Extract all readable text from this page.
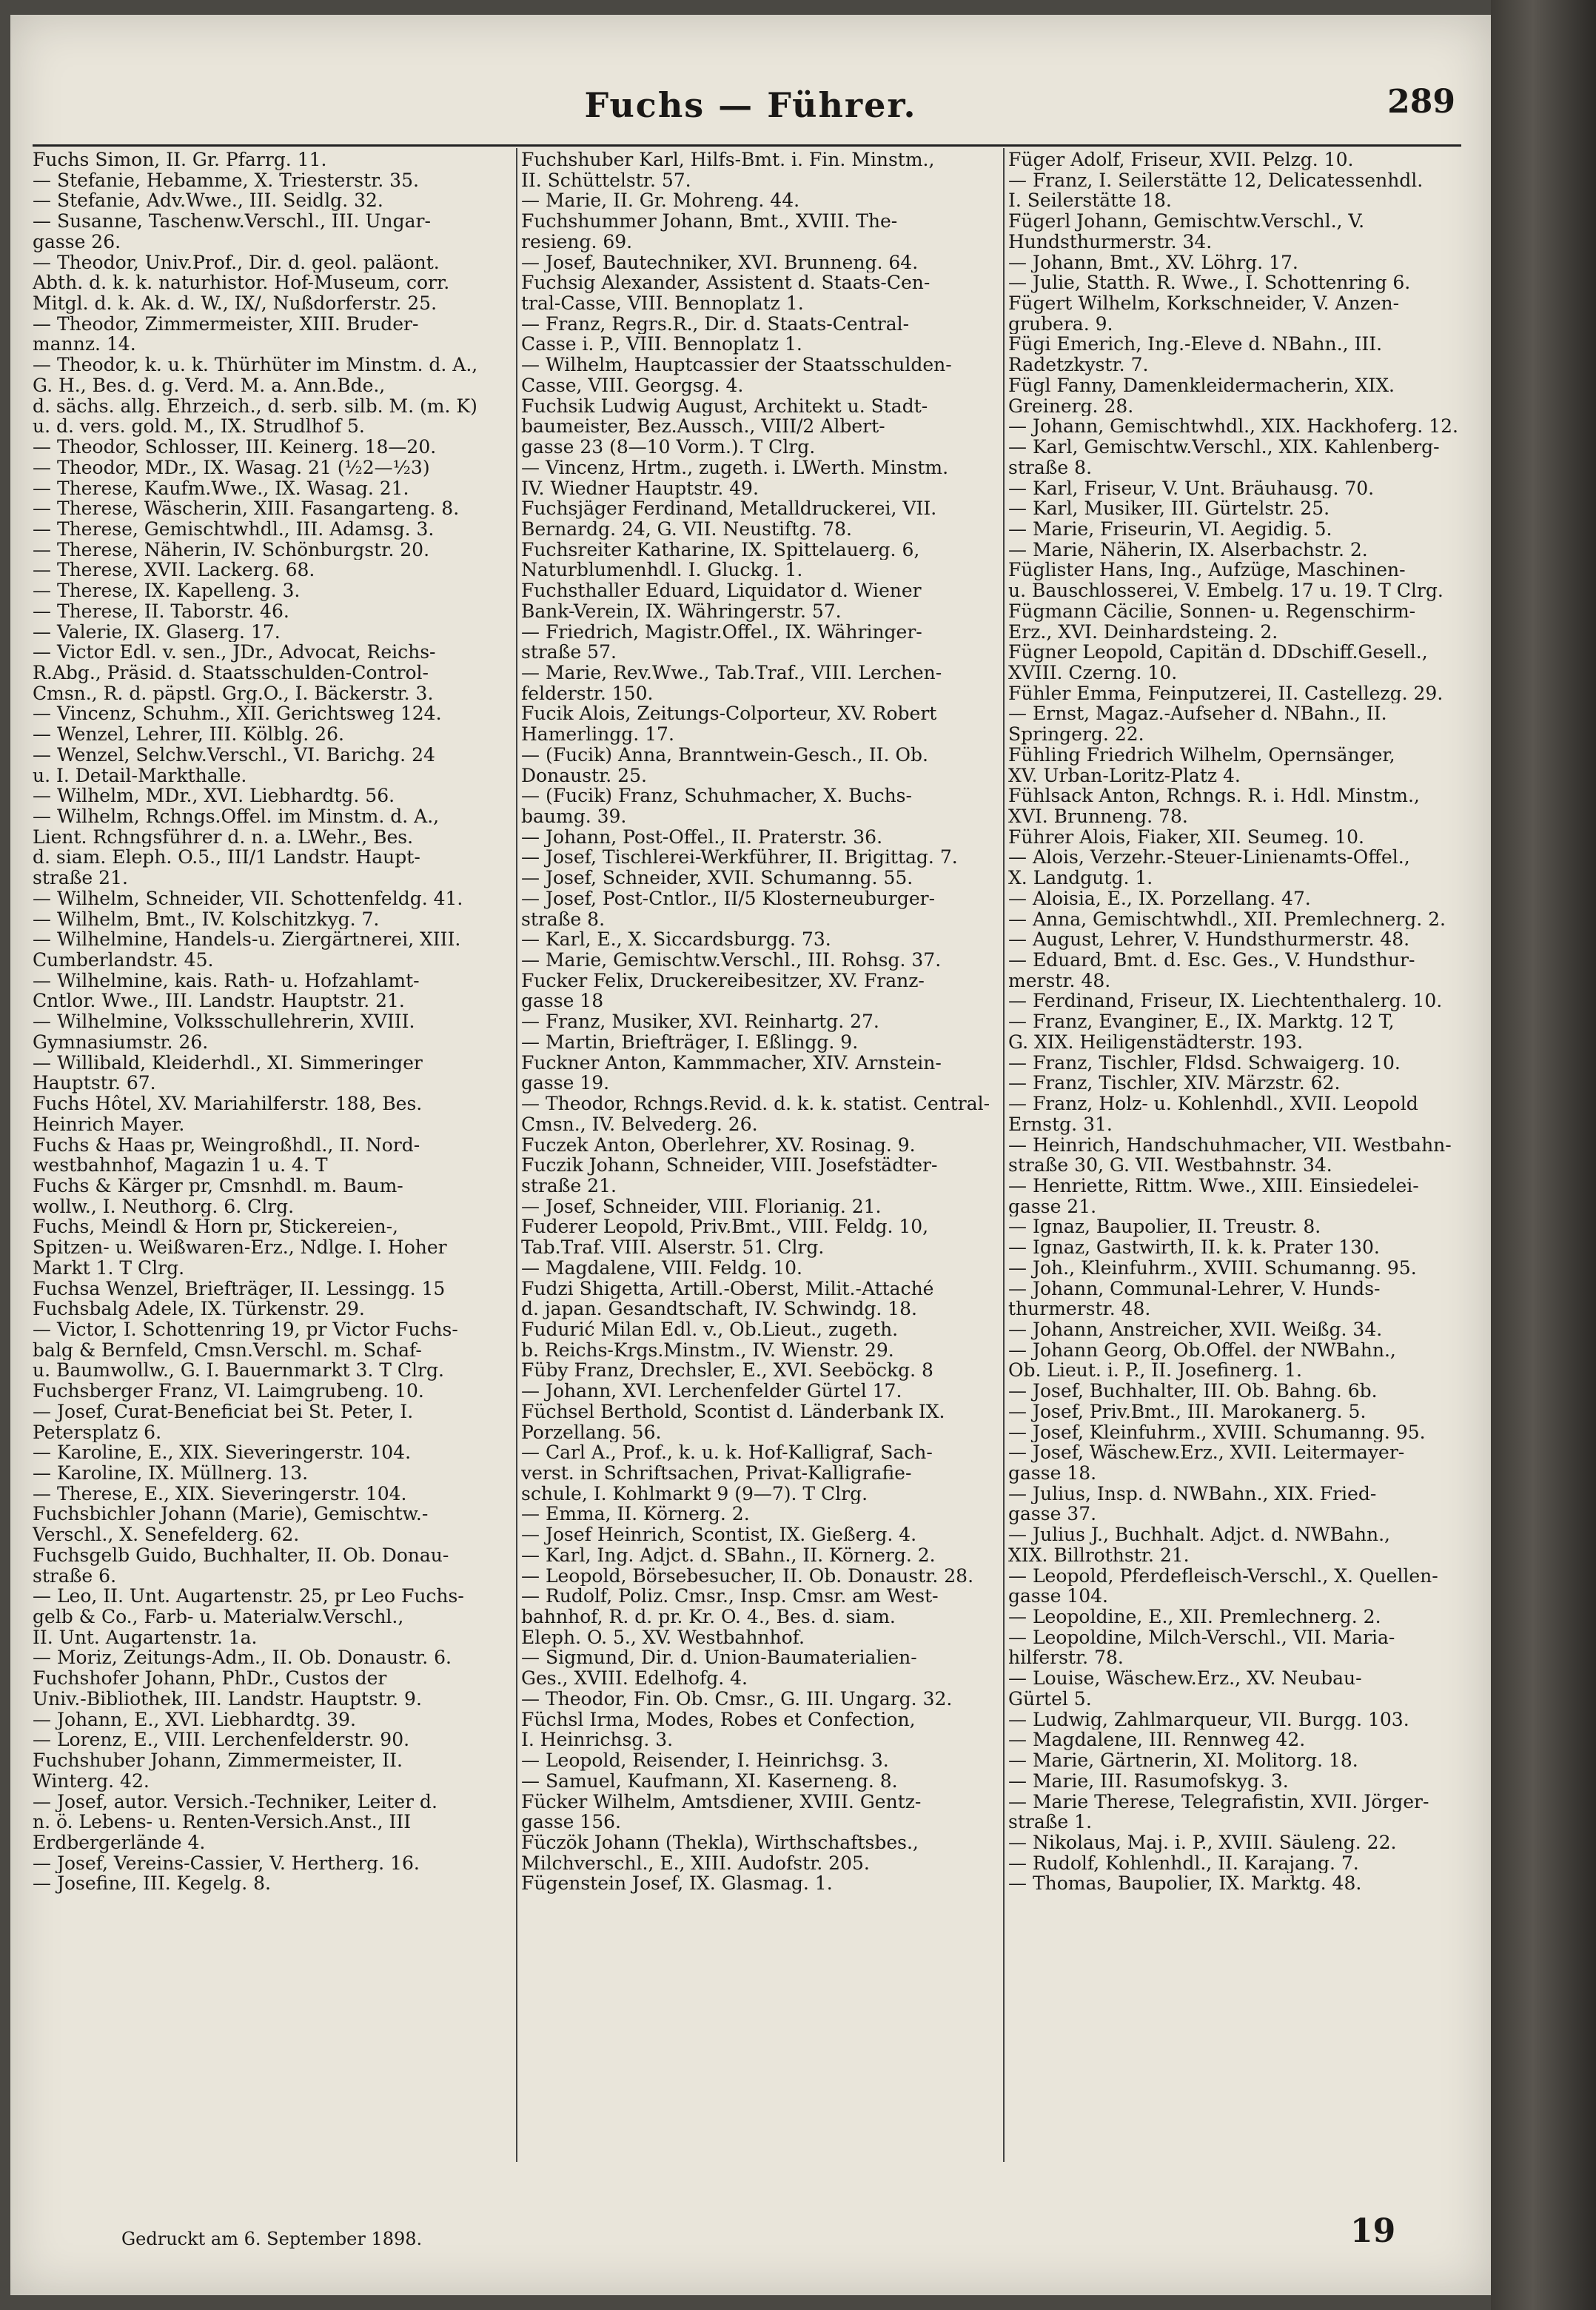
Fuchs — Führer.	289
Fuchs Simon, II. Gr. Pfarrg. 11.
— Stefanie, Hebamme, X. Triesterstr. 35.
— Stefanie, Adv.Wwe., III. Seidlg. 32.
— Susanne, Taschenw.Verschl., III. Ungar-
gasse 26.
— Theodor, Univ.Prof., Dir. d. geol. paläont.
Abth. d. k. k. naturhistor. Hof-Museum, corr.
Mitgl. d. k. Ak. d. W., IX/, Nußdorferstr. 25.
— Theodor, Zimmermeister, XIII. Bruder-
mannz. 14.
— Theodor, k. u. k. Thürhüter im Minstm. d. A.,
G. H., Bes. d. g. Verd. M. a. Ann.Bde.,
d. sächs. allg. Ehrzeich., d. serb. silb. M. (m. K)
u. d. vers. gold. M., IX. Strudlhof 5.
— Theodor, Schlosser, III. Keinerg. 18—20.
— Theodor, MDr., IX. Wasag. 21 (½2—½3)
— Therese, Kaufm.Wwe., IX. Wasag. 21.
— Therese, Wäscherin, XIII. Fasangarteng. 8.
— Therese, Gemischtwhdl., III. Adamsg. 3.
— Therese, Näherin, IV. Schönburgstr. 20.
— Therese, XVII. Lackerg. 68.
— Therese, IX. Kapelleng. 3.
— Therese, II. Taborstr. 46.
— Valerie, IX. Glaserg. 17.
— Victor Edl. v. sen., JDr., Advocat, Reichs-
R.Abg., Präsid. d. Staatsschulden-Control-
Cmsn., R. d. päpstl. Grg.O., I. Bäckerstr. 3.
— Vincenz, Schuhm., XII. Gerichtsweg 124.
— Wenzel, Lehrer, III. Kölblg. 26.
— Wenzel, Selchw.Verschl., VI. Barichg. 24
u. I. Detail-Markthalle.
— Wilhelm, MDr., XVI. Liebhardtg. 56.
— Wilhelm, Rchngs.Offel. im Minstm. d. A.,
Lient. Rchngsführer d. n. a. LWehr., Bes.
d. siam. Eleph. O.5., III/1 Landstr. Haupt-
straße 21.
— Wilhelm, Schneider, VII. Schottenfeldg. 41.
— Wilhelm, Bmt., IV. Kolschitzkyg. 7.
— Wilhelmine, Handels-u. Ziergärtnerei, XIII.
Cumberlandstr. 45.
— Wilhelmine, kais. Rath- u. Hofzahlamt-
Cntlor. Wwe., III. Landstr. Hauptstr. 21.
— Wilhelmine, Volksschullehrerin, XVIII.
Gymnasiumstr. 26.
— Willibald, Kleiderhdl., XI. Simmeringer
Hauptstr. 67.
Fuchs Hôtel, XV. Mariahilferstr. 188, Bes.
Heinrich Mayer.
Fuchs & Haas pr, Weingroßhdl., II. Nord-
westbahnhof, Magazin 1 u. 4. T
Fuchs & Kärger pr, Cmsnhdl. m. Baum-
wollw., I. Neuthorg. 6. Clrg.
Fuchs, Meindl & Horn pr, Stickereien-,
Spitzen- u. Weißwaren-Erz., Ndlge. I. Hoher
Markt 1. T Clrg.
Fuchsa Wenzel, Briefträger, II. Lessingg. 15
Fuchsbalg Adele, IX. Türkenstr. 29.
— Victor, I. Schottenring 19, pr Victor Fuchs-
balg & Bernfeld, Cmsn.Verschl. m. Schaf-
u. Baumwollw., G. I. Bauernmarkt 3. T Clrg.
Fuchsberger Franz, VI. Laimgrubeng. 10.
— Josef, Curat-Beneficiat bei St. Peter, I.
Petersplatz 6.
— Karoline, E., XIX. Sieveringerstr. 104.
— Karoline, IX. Müllnerg. 13.
— Therese, E., XIX. Sieveringerstr. 104.
Fuchsbichler Johann (Marie), Gemischtw.-
Verschl., X. Senefelderg. 62.
Fuchsgelb Guido, Buchhalter, II. Ob. Donau-
straße 6.
— Leo, II. Unt. Augartenstr. 25, pr Leo Fuchs-
gelb & Co., Farb- u. Materialw.Verschl.,
II. Unt. Augartenstr. 1a.
— Moriz, Zeitungs-Adm., II. Ob. Donaustr. 6.
Fuchshofer Johann, PhDr., Custos der
Univ.-Bibliothek, III. Landstr. Hauptstr. 9.
— Johann, E., XVI. Liebhardtg. 39.
— Lorenz, E., VIII. Lerchenfelderstr. 90.
Fuchshuber Johann, Zimmermeister, II.
Winterg. 42.
— Josef, autor. Versich.-Techniker, Leiter d.
n. ö. Lebens- u. Renten-Versich.Anst., III
Erdbergerlände 4.
— Josef, Vereins-Cassier, V. Hertherg. 16.
— Josefine, III. Kegelg. 8.
Fuchshuber Karl, Hilfs-Bmt. i. Fin. Minstm.,
II. Schüttelstr. 57.
— Marie, II. Gr. Mohreng. 44.
Fuchshummer Johann, Bmt., XVIII. The-
resieng. 69.
— Josef, Bautechniker, XVI. Brunneng. 64.
Fuchsig Alexander, Assistent d. Staats-Cen-
tral-Casse, VIII. Bennoplatz 1.
— Franz, Regrs.R., Dir. d. Staats-Central-
Casse i. P., VIII. Bennoplatz 1.
— Wilhelm, Hauptcassier der Staatsschulden-
Casse, VIII. Georgsg. 4.
Fuchsik Ludwig August, Architekt u. Stadt-
baumeister, Bez.Aussch., VIII/2 Albert-
gasse 23 (8—10 Vorm.). T Clrg.
— Vincenz, Hrtm., zugeth. i. LWerth. Minstm.
IV. Wiedner Hauptstr. 49.
Fuchsjäger Ferdinand, Metalldruckerei, VII.
Bernardg. 24, G. VII. Neustiftg. 78.
Fuchsreiter Katharine, IX. Spittelauerg. 6,
Naturblumenhdl. I. Gluckg. 1.
Fuchsthaller Eduard, Liquidator d. Wiener
Bank-Verein, IX. Währingerstr. 57.
— Friedrich, Magistr.Offel., IX. Währinger-
straße 57.
— Marie, Rev.Wwe., Tab.Traf., VIII. Lerchen-
felderstr. 150.
Fucik Alois, Zeitungs-Colporteur, XV. Robert
Hamerlingg. 17.
— (Fucik) Anna, Branntwein-Gesch., II. Ob.
Donaustr. 25.
— (Fucik) Franz, Schuhmacher, X. Buchs-
baumg. 39.
— Johann, Post-Offel., II. Praterstr. 36.
— Josef, Tischlerei-Werkführer, II. Brigittag. 7.
— Josef, Schneider, XVII. Schumanng. 55.
— Josef, Post-Cntlor., II/5 Klosterneuburger-
straße 8.
— Karl, E., X. Siccardsburgg. 73.
— Marie, Gemischtw.Verschl., III. Rohsg. 37.
Fucker Felix, Druckereibesitzer, XV. Franz-
gasse 18
— Franz, Musiker, XVI. Reinhartg. 27.
— Martin, Briefträger, I. Eßlingg. 9.
Fuckner Anton, Kammmacher, XIV. Arnstein-
gasse 19.
— Theodor, Rchngs.Revid. d. k. k. statist. Central-
Cmsn., IV. Belvederg. 26.
Fuczek Anton, Oberlehrer, XV. Rosinag. 9.
Fuczik Johann, Schneider, VIII. Josefstädter-
straße 21.
— Josef, Schneider, VIII. Florianig. 21.
Fuderer Leopold, Priv.Bmt., VIII. Feldg. 10,
Tab.Traf. VIII. Alserstr. 51. Clrg.
— Magdalene, VIII. Feldg. 10.
Fudzi Shigetta, Artill.-Oberst, Milit.-Attaché
d. japan. Gesandtschaft, IV. Schwindg. 18.
Fudurić Milan Edl. v., Ob.Lieut., zugeth.
b. Reichs-Krgs.Minstm., IV. Wienstr. 29.
Füby Franz, Drechsler, E., XVI. Seeböckg. 8
— Johann, XVI. Lerchenfelder Gürtel 17.
Füchsel Berthold, Scontist d. Länderbank IX.
Porzellang. 56.
— Carl A., Prof., k. u. k. Hof-Kalligraf, Sach-
verst. in Schriftsachen, Privat-Kalligrafie-
schule, I. Kohlmarkt 9 (9—7). T Clrg.
— Emma, II. Körnerg. 2.
— Josef Heinrich, Scontist, IX. Gießerg. 4.
— Karl, Ing. Adjct. d. SBahn., II. Körnerg. 2.
— Leopold, Börsebesucher, II. Ob. Donaustr. 28.
— Rudolf, Poliz. Cmsr., Insp. Cmsr. am West-
bahnhof, R. d. pr. Kr. O. 4., Bes. d. siam.
Eleph. O. 5., XV. Westbahnhof.
— Sigmund, Dir. d. Union-Baumaterialien-
Ges., XVIII. Edelhofg. 4.
— Theodor, Fin. Ob. Cmsr., G. III. Ungarg. 32.
Füchsl Irma, Modes, Robes et Confection,
I. Heinrichsg. 3.
— Leopold, Reisender, I. Heinrichsg. 3.
— Samuel, Kaufmann, XI. Kaserneng. 8.
Fücker Wilhelm, Amtsdiener, XVIII. Gentz-
gasse 156.
Füczök Johann (Thekla), Wirthschaftsbes.,
Milchverschl., E., XIII. Audofstr. 205.
Fügenstein Josef, IX. Glasmag. 1.
Füger Adolf, Friseur, XVII. Pelzg. 10.
— Franz, I. Seilerstätte 12, Delicatessenhdl.
I. Seilerstätte 18.
Fügerl Johann, Gemischtw.Verschl., V.
Hundsthurmerstr. 34.
— Johann, Bmt., XV. Löhrg. 17.
— Julie, Statth. R. Wwe., I. Schottenring 6.
Fügert Wilhelm, Korkschneider, V. Anzen-
grubera. 9.
Fügi Emerich, Ing.-Eleve d. NBahn., III.
Radetzkystr. 7.
Fügl Fanny, Damenkleidermacherin, XIX.
Greinerg. 28.
— Johann, Gemischtwhdl., XIX. Hackhoferg. 12.
— Karl, Gemischtw.Verschl., XIX. Kahlenberg-
straße 8.
— Karl, Friseur, V. Unt. Bräuhausg. 70.
— Karl, Musiker, III. Gürtelstr. 25.
— Marie, Friseurin, VI. Aegidig. 5.
— Marie, Näherin, IX. Alserbachstr. 2.
Füglister Hans, Ing., Aufzüge, Maschinen-
u. Bauschlosserei, V. Embelg. 17 u. 19. T Clrg.
Fügmann Cäcilie, Sonnen- u. Regenschirm-
Erz., XVI. Deinhardsteing. 2.
Fügner Leopold, Capitän d. DDschiff.Gesell.,
XVIII. Czerng. 10.
Fühler Emma, Feinputzerei, II. Castellezg. 29.
— Ernst, Magaz.-Aufseher d. NBahn., II.
Springerg. 22.
Fühling Friedrich Wilhelm, Opernsänger,
XV. Urban-Loritz-Platz 4.
Fühlsack Anton, Rchngs. R. i. Hdl. Minstm.,
XVI. Brunneng. 78.
Führer Alois, Fiaker, XII. Seumeg. 10.
— Alois, Verzehr.-Steuer-Linienamts-Offel.,
X. Landgutg. 1.
— Aloisia, E., IX. Porzellang. 47.
— Anna, Gemischtwhdl., XII. Premlechnerg. 2.
— August, Lehrer, V. Hundsthurmerstr. 48.
— Eduard, Bmt. d. Esc. Ges., V. Hundsthur-
merstr. 48.
— Ferdinand, Friseur, IX. Liechtenthalerg. 10.
— Franz, Evanginer, E., IX. Marktg. 12 T,
G. XIX. Heiligenstädterstr. 193.
— Franz, Tischler, Fldsd. Schwaigerg. 10.
— Franz, Tischler, XIV. Märzstr. 62.
— Franz, Holz- u. Kohlenhdl., XVII. Leopold
Ernstg. 31.
— Heinrich, Handschuhmacher, VII. Westbahn-
straße 30, G. VII. Westbahnstr. 34.
— Henriette, Rittm. Wwe., XIII. Einsiedelei-
gasse 21.
— Ignaz, Baupolier, II. Treustr. 8.
— Ignaz, Gastwirth, II. k. k. Prater 130.
— Joh., Kleinfuhrm., XVIII. Schumanng. 95.
— Johann, Communal-Lehrer, V. Hunds-
thurmerstr. 48.
— Johann, Anstreicher, XVII. Weißg. 34.
— Johann Georg, Ob.Offel. der NWBahn.,
Ob. Lieut. i. P., II. Josefinerg. 1.
— Josef, Buchhalter, III. Ob. Bahng. 6b.
— Josef, Priv.Bmt., III. Marokanerg. 5.
— Josef, Kleinfuhrm., XVIII. Schumanng. 95.
— Josef, Wäschew.Erz., XVII. Leitermayer-
gasse 18.
— Julius, Insp. d. NWBahn., XIX. Fried-
gasse 37.
— Julius J., Buchhalt. Adjct. d. NWBahn.,
XIX. Billrothstr. 21.
— Leopold, Pferdefleisch-Verschl., X. Quellen-
gasse 104.
— Leopoldine, E., XII. Premlechnerg. 2.
— Leopoldine, Milch-Verschl., VII. Maria-
hilferstr. 78.
— Louise, Wäschew.Erz., XV. Neubau-
Gürtel 5.
— Ludwig, Zahlmarqueur, VII. Burgg. 103.
— Magdalene, III. Rennweg 42.
— Marie, Gärtnerin, XI. Molitorg. 18.
— Marie, III. Rasumofskyg. 3.
— Marie Therese, Telegrafistin, XVII. Jörger-
straße 1.
— Nikolaus, Maj. i. P., XVIII. Säuleng. 22.
— Rudolf, Kohlenhdl., II. Karajang. 7.
— Thomas, Baupolier, IX. Marktg. 48.
Gedruckt am 6. September 1898.	19
